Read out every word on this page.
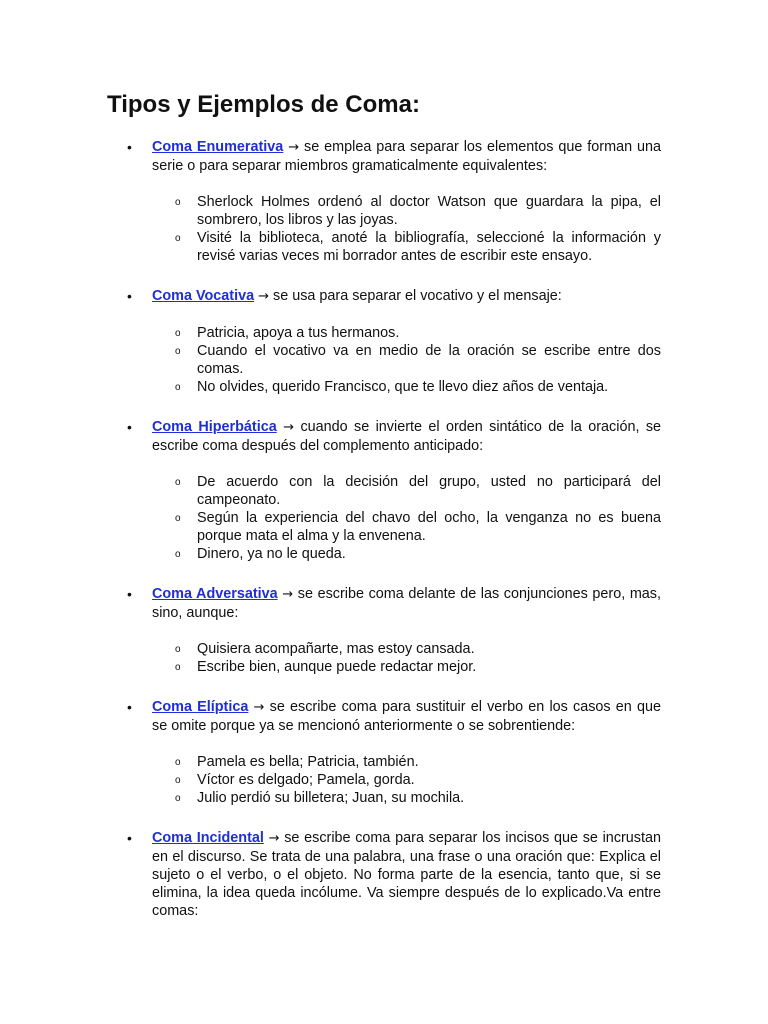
Tipos y Ejemplos de Coma:
• Coma Enumerativa → se emplea para separar los elementos que forman una serie o para separar miembros gramaticalmente equivalentes:
o Sherlock Holmes ordenó al doctor Watson que guardara la pipa, el sombrero, los libros y las joyas.
o Visité la biblioteca, anoté la bibliografía, seleccioné la información y revisé varias veces mi borrador antes de escribir este ensayo.
• Coma Vocativa → se usa para separar el vocativo y el mensaje:
o Patricia, apoya a tus hermanos.
o Cuando el vocativo va en medio de la oración se escribe entre dos comas.
o No olvides, querido Francisco, que te llevo diez años de ventaja.
• Coma Hiperbática → cuando se invierte el orden sintático de la oración, se escribe coma después del complemento anticipado:
o De acuerdo con la decisión del grupo, usted no participará del campeonato.
o Según la experiencia del chavo del ocho, la venganza no es buena porque mata el alma y la envenena.
o Dinero, ya no le queda.
• Coma Adversativa → se escribe coma delante de las conjunciones pero, mas, sino, aunque:
o Quisiera acompañarte, mas estoy cansada.
o Escribe bien, aunque puede redactar mejor.
• Coma Elíptica → se escribe coma para sustituir el verbo en los casos en que se omite porque ya se mencionó anteriormente o se sobrentiende:
o Pamela es bella; Patricia, también.
o Víctor es delgado; Pamela, gorda.
o Julio perdió su billetera; Juan, su mochila.
• Coma Incidental → se escribe coma para separar los incisos que se incrustan en el discurso. Se trata de una palabra, una frase o una oración que: Explica el sujeto o el verbo, o el objeto. No forma parte de la esencia, tanto que, si se elimina, la idea queda incólume. Va siempre después de lo explicado.Va entre comas:
